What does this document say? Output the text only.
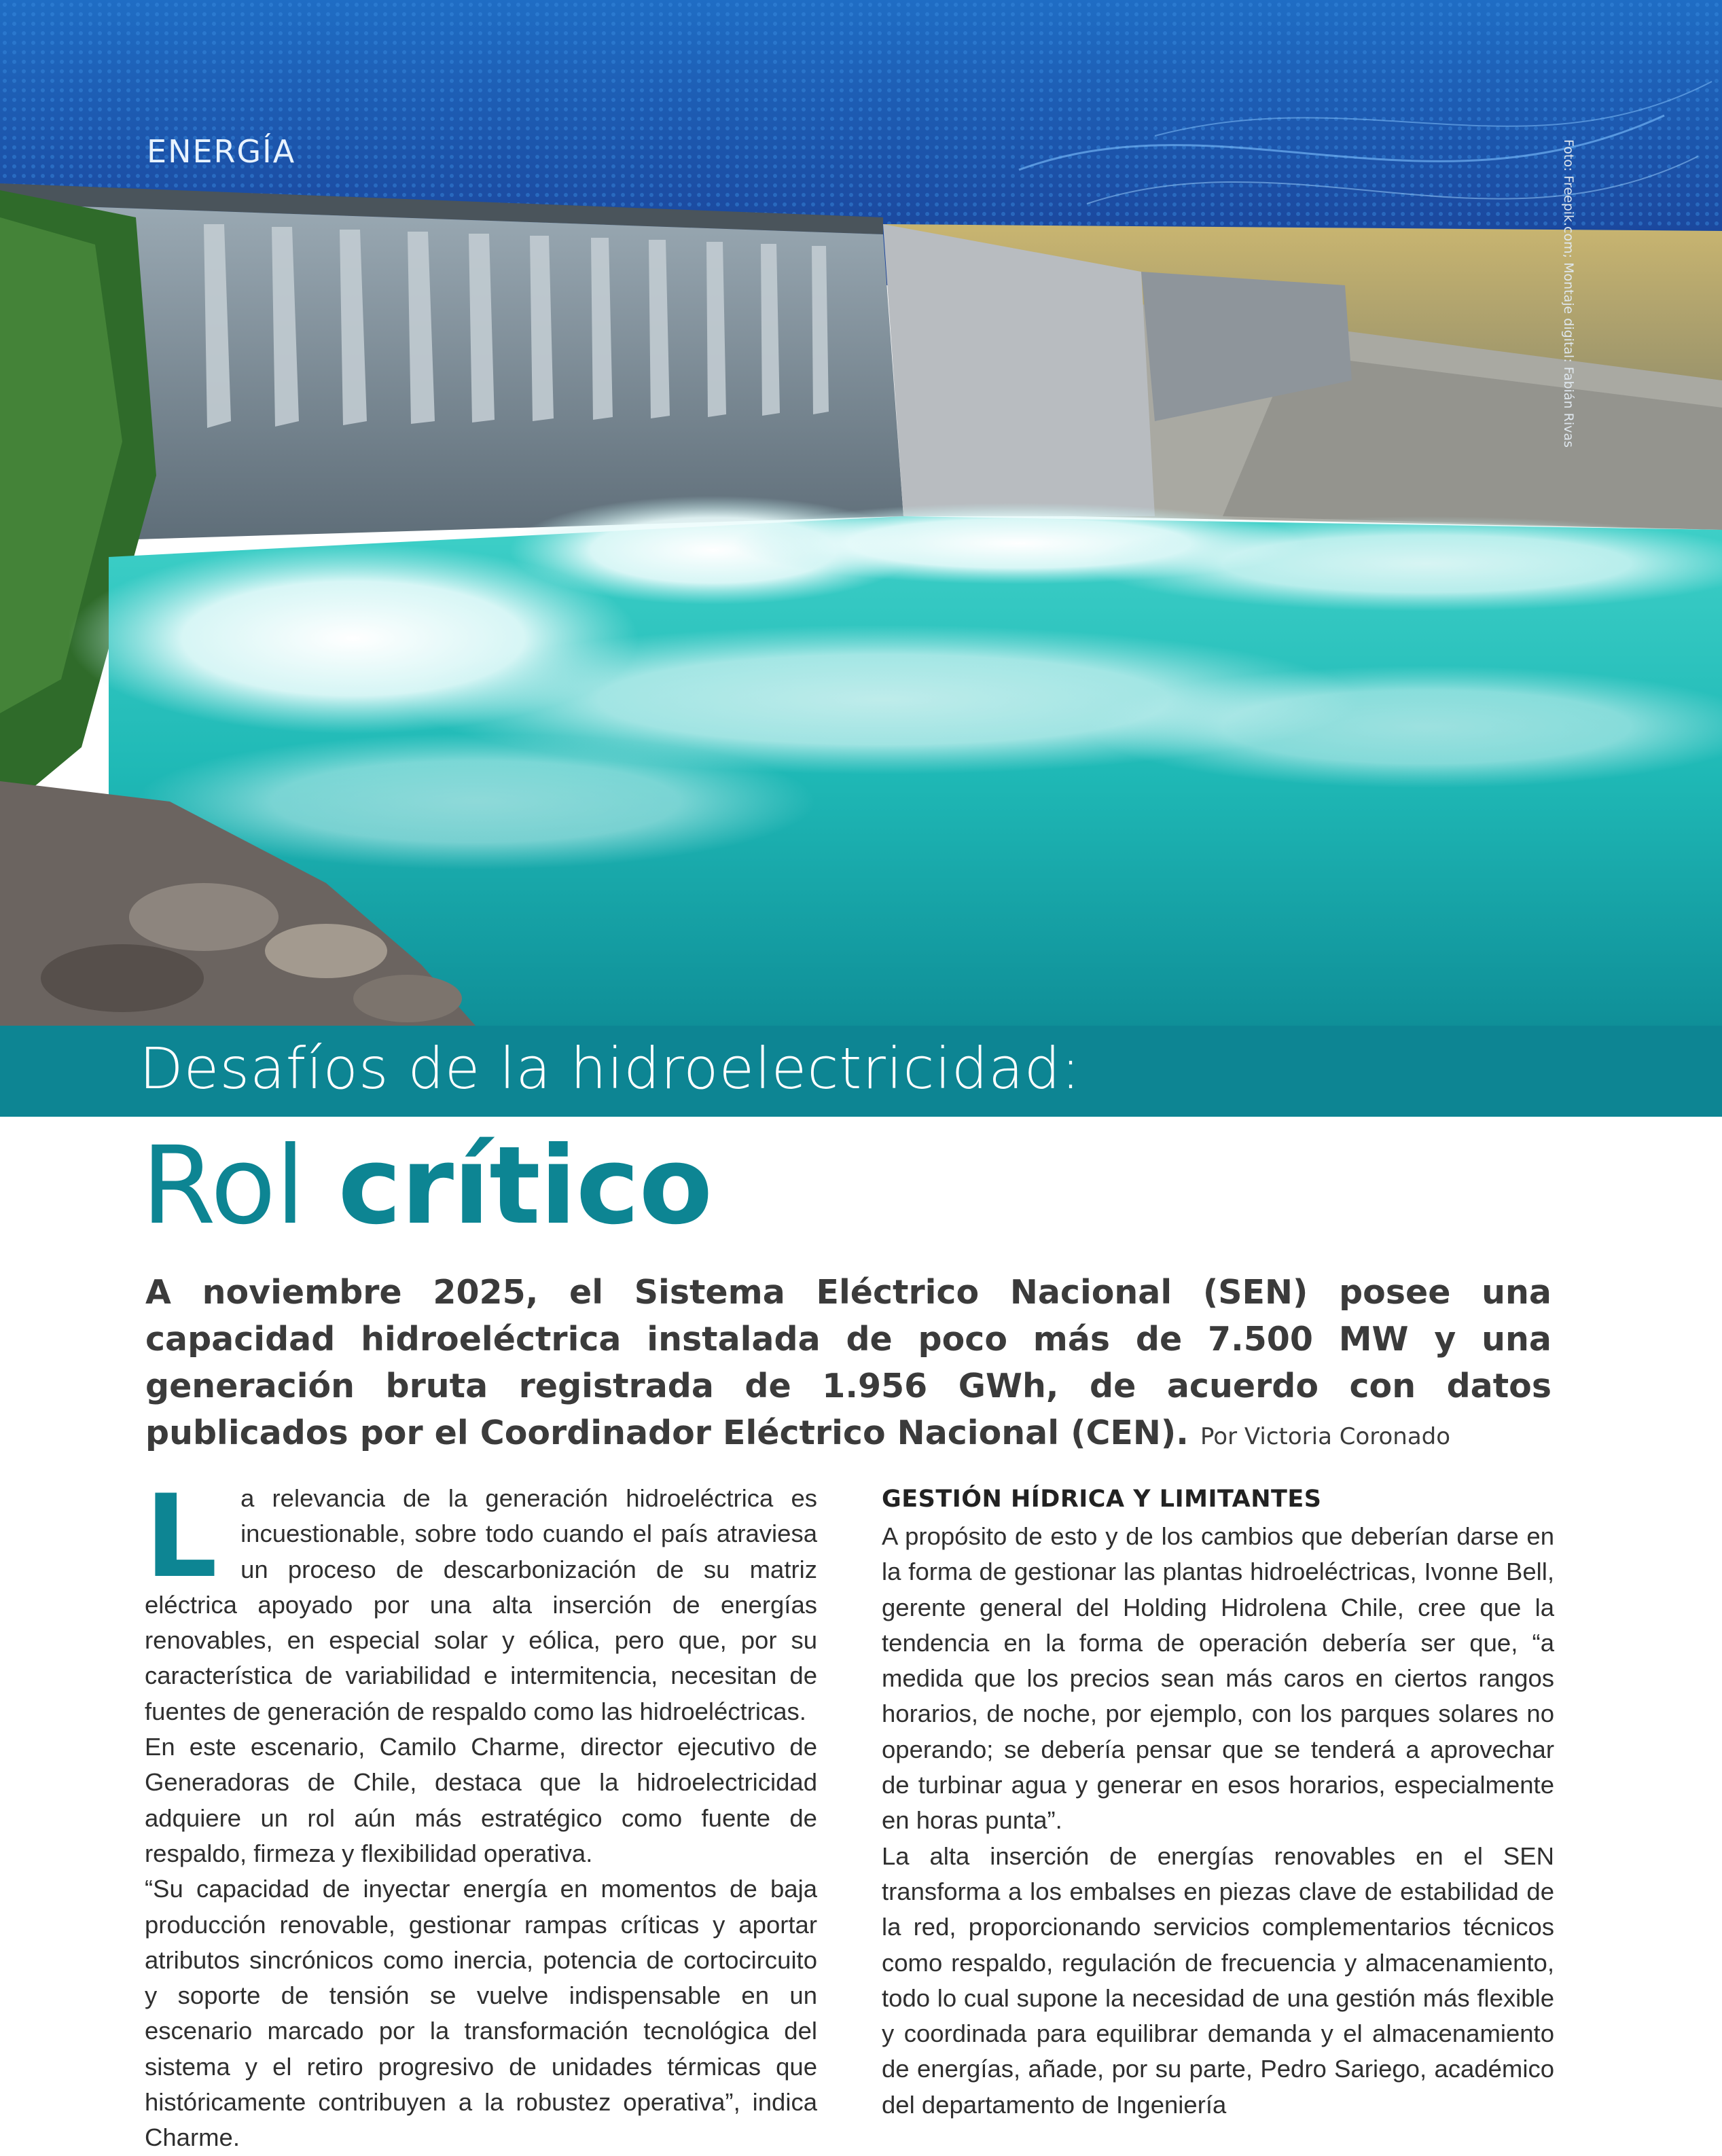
ENERGÍA	Foto: Freepik.com; Montaje digital: Fabián Rivas
Desafíos de la hidroelectricidad:
Rol crítico
A noviembre 2025, el Sistema Eléctrico Nacional (SEN) posee una capacidad hidroeléctrica instalada de poco más de 7.500 MW y una generación bruta registrada de 1.956 GWh, de acuerdo con datos publicados por el Coordinador Eléctrico Nacional (CEN). Por Victoria Coronado

La relevancia de la generación hidroeléctrica es incuestionable, sobre todo cuando el país atraviesa un proceso de descarbonización de su matriz eléctrica apoyado por una alta inserción de energías renovables, en especial solar y eólica, pero que, por su característica de variabilidad e intermitencia, necesitan de fuentes de generación de respaldo como las hidroeléctricas.

En este escenario, Camilo Charme, director ejecutivo de Generadoras de Chile, destaca que la hidroelectricidad adquiere un rol aún más estratégico como fuente de respaldo, firmeza y flexibilidad operativa.

“Su capacidad de inyectar energía en momentos de baja producción renovable, gestionar rampas críticas y aportar atributos sincrónicos como inercia, potencia de cortocircuito y soporte de tensión se vuelve indispensable en un escenario marcado por la transformación tecnológica del sistema y el retiro progresivo de unidades térmicas que históricamente contribuyen a la robustez operativa”, indica Charme.

GESTIÓN HÍDRICA Y LIMITANTES

A propósito de esto y de los cambios que deberían darse en la forma de gestionar las plantas hidroeléctricas, Ivonne Bell, gerente general del Holding Hidrolena Chile, cree que la tendencia en la forma de operación debería ser que, “a medida que los precios sean más caros en ciertos rangos horarios, de noche, por ejemplo, con los parques solares no operando; se debería pensar que se tenderá a aprovechar de turbinar agua y generar en esos horarios, especialmente en horas punta”.

La alta inserción de energías renovables en el SEN transforma a los embalses en piezas clave de estabilidad de la red, proporcionando servicios complementarios técnicos como respaldo, regulación de frecuencia y almacenamiento, todo lo cual supone la necesidad de una gestión más flexible y coordinada para equilibrar demanda y el almacenamiento de energías, añade, por su parte, Pedro Sariego, académico del departamento de Ingeniería
